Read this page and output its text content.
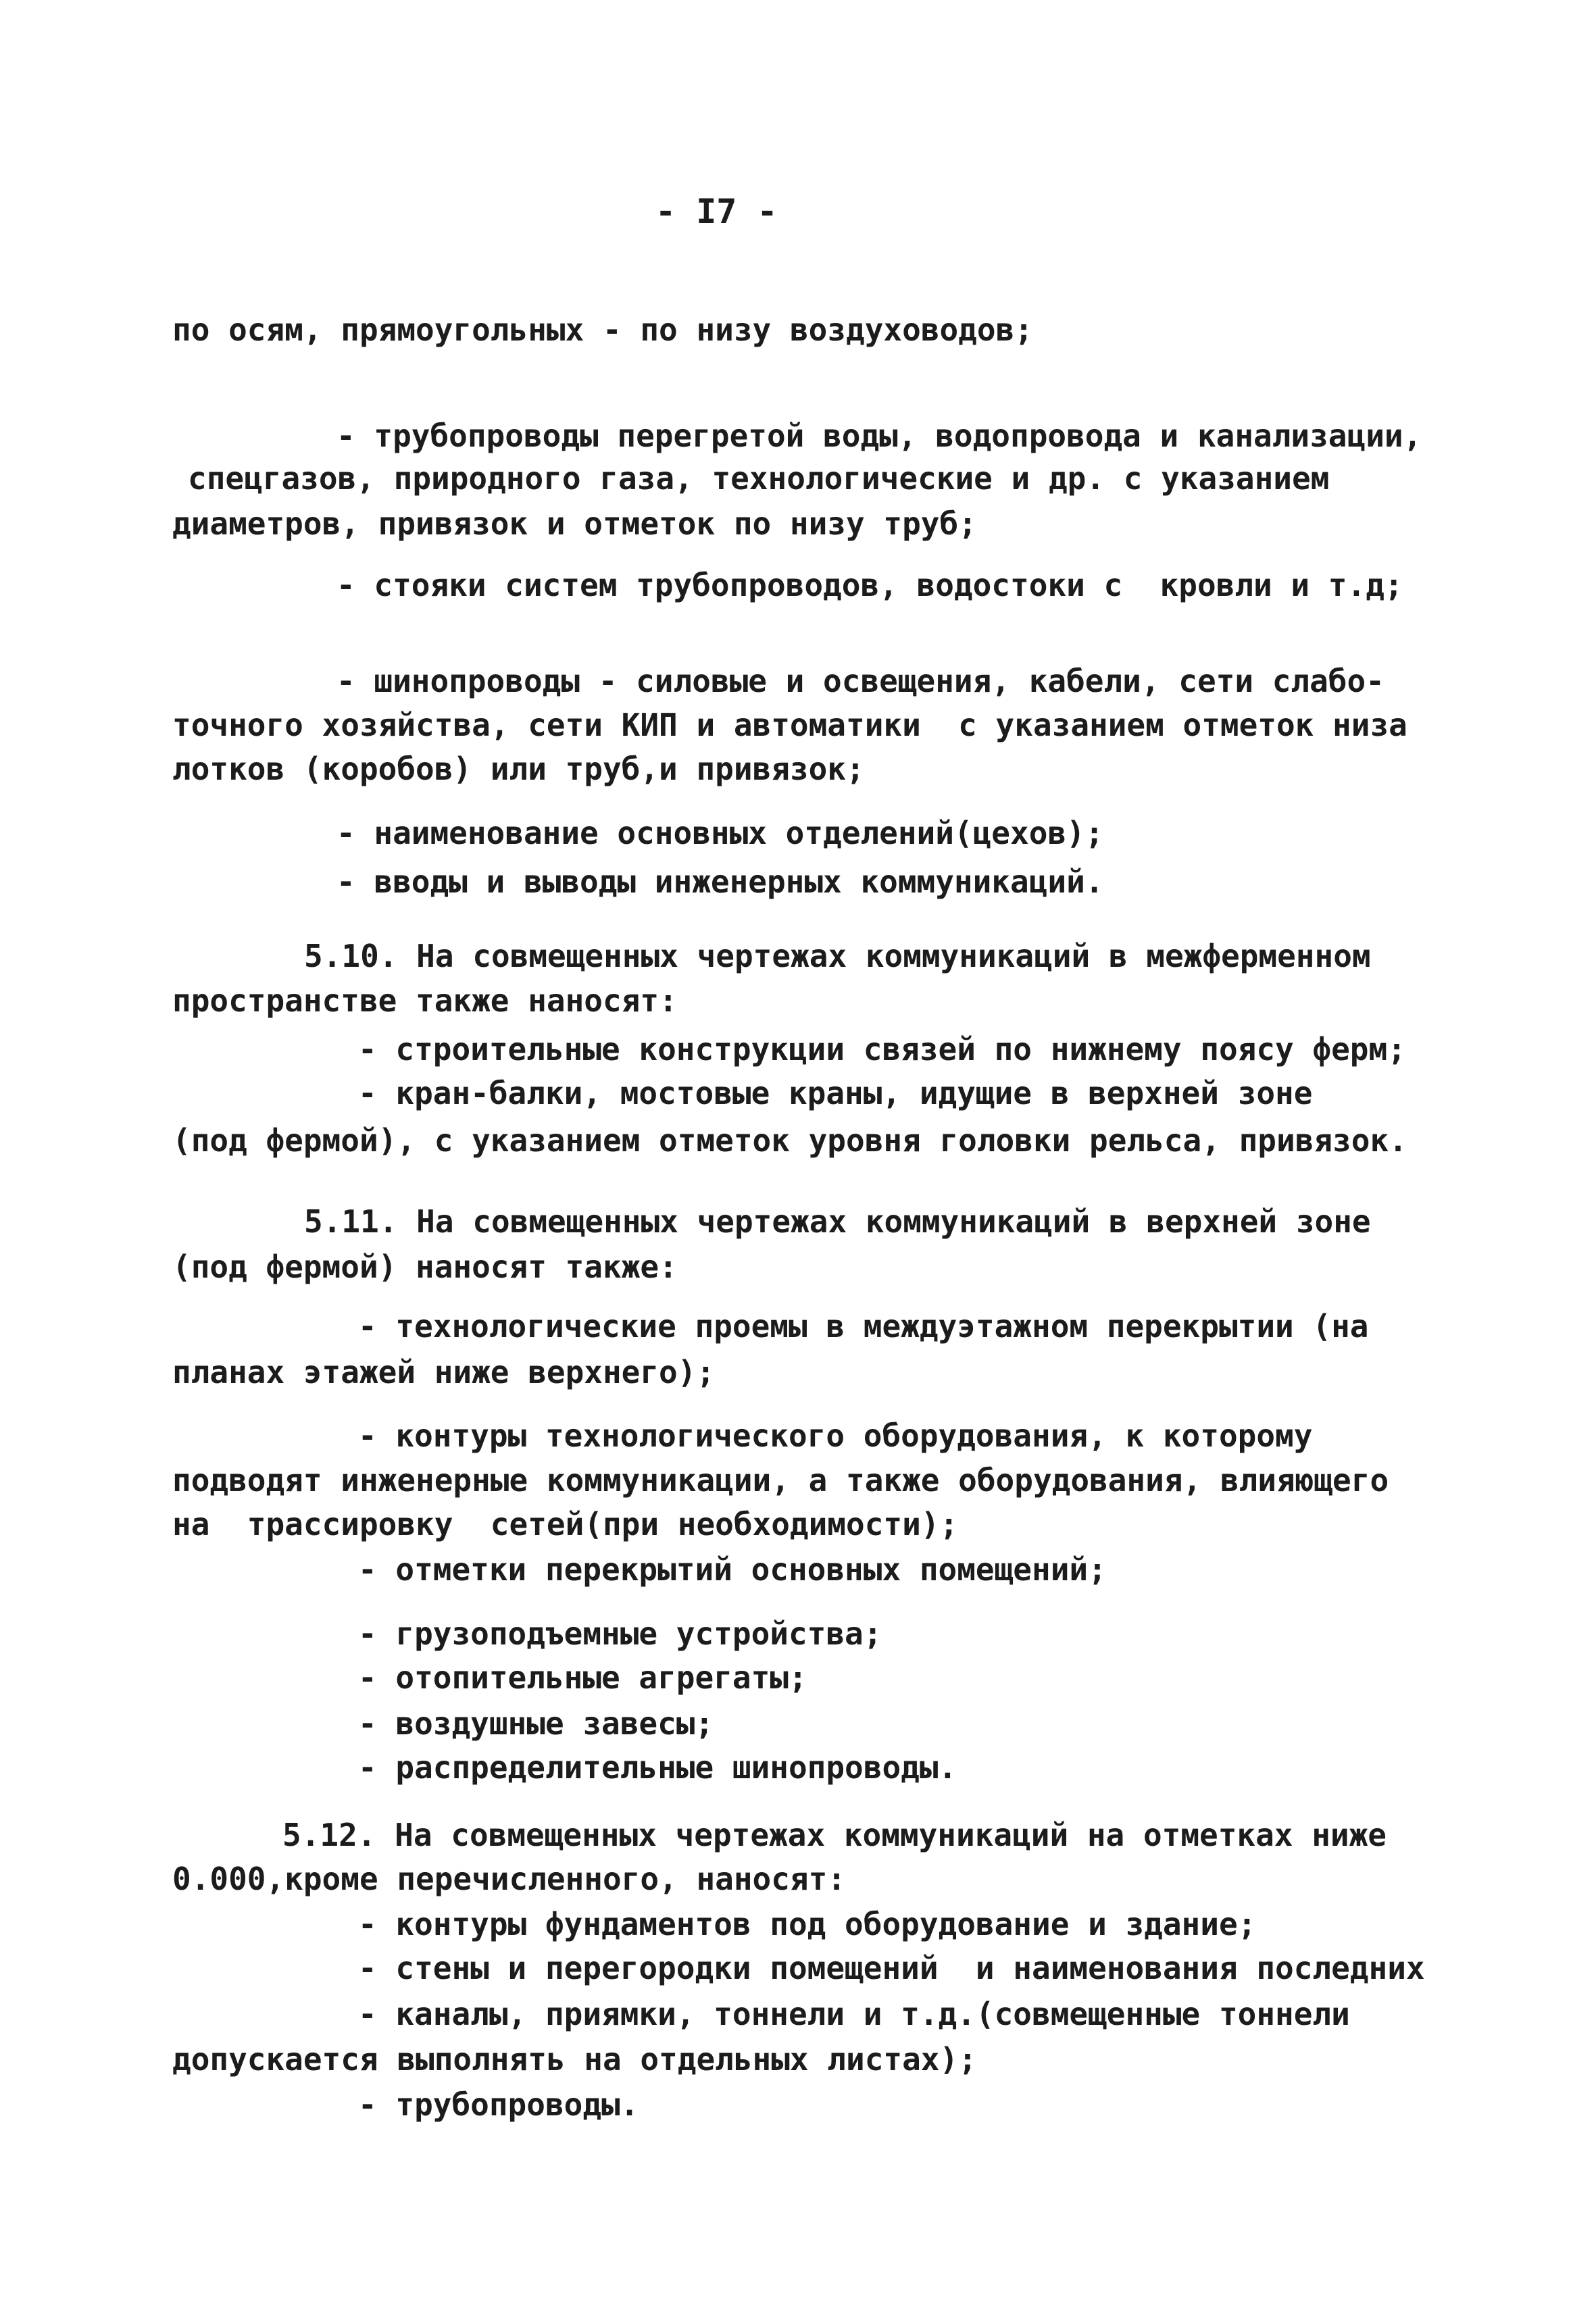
- I7 -
по осям, прямоугольных - по низу воздуховодов;
- трубопроводы перегретой воды, водопровода и канализации,
спецгазов, природного газа, технологические и др. с указанием
диаметров, привязок и отметок по низу труб;
- стояки систем трубопроводов, водостоки с  кровли и т.д;
- шинопроводы - силовые и освещения, кабели, сети слабо-
точного хозяйства, сети КИП и автоматики  с указанием отметок низа
лотков (коробов) или труб,и привязок;
- наименование основных отделений(цехов);
- вводы и выводы инженерных коммуникаций.
5.10. На совмещенных чертежах коммуникаций в межферменном
пространстве также наносят:
- строительные конструкции связей по нижнему поясу ферм;
- кран-балки, мостовые краны, идущие в верхней зоне
(под фермой), с указанием отметок уровня головки рельса, привязок.
5.11. На совмещенных чертежах коммуникаций в верхней зоне
(под фермой) наносят также:
- технологические проемы в междуэтажном перекрытии (на
планах этажей ниже верхнего);
- контуры технологического оборудования, к которому
подводят инженерные коммуникации, а также оборудования, влияющего
на  трассировку  сетей(при необходимости);
- отметки перекрытий основных помещений;
- грузоподъемные устройства;
- отопительные агрегаты;
- воздушные завесы;
- распределительные шинопроводы.
5.12. На совмещенных чертежах коммуникаций на отметках ниже
0.000,кроме перечисленного, наносят:
- контуры фундаментов под оборудование и здание;
- стены и перегородки помещений  и наименования последних
- каналы, приямки, тоннели и т.д.(совмещенные тоннели
допускается выполнять на отдельных листах);
- трубопроводы.
